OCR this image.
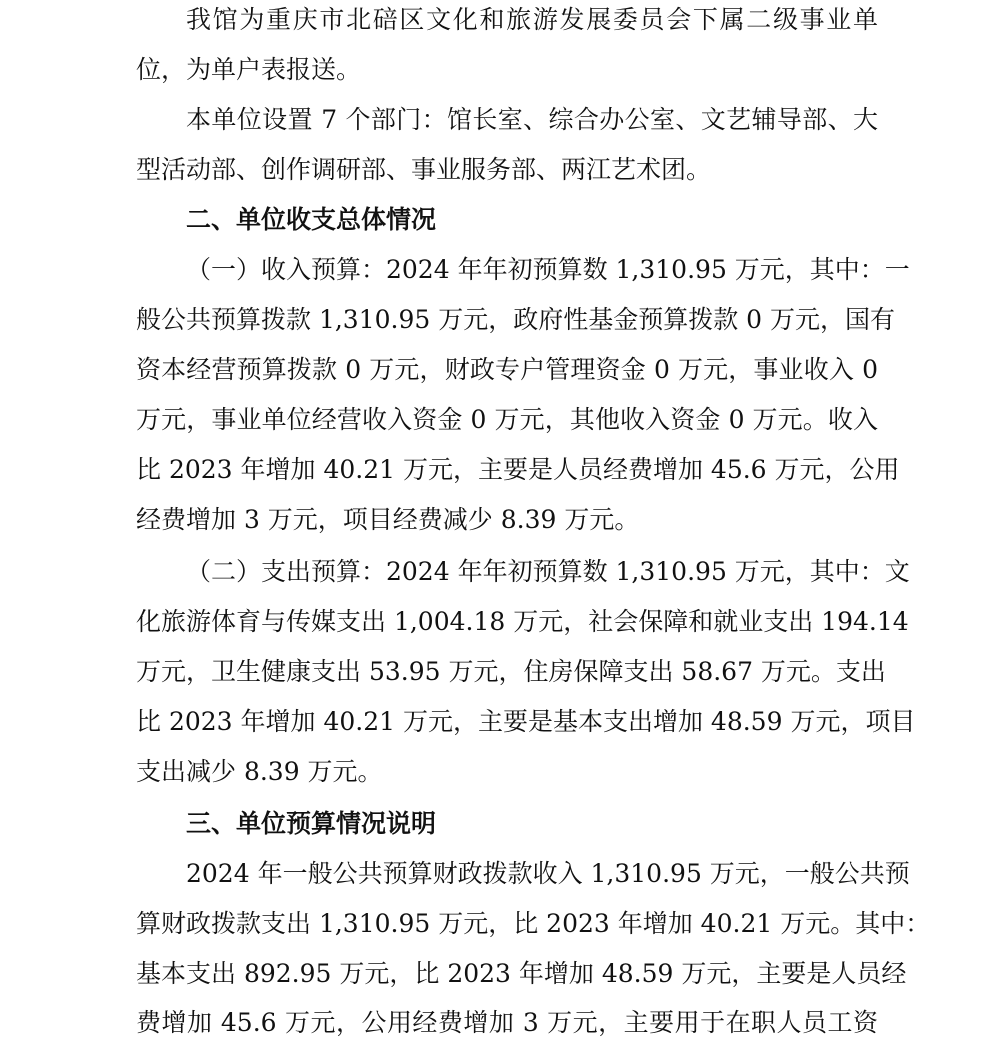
我馆为重庆市北碚区文化和旅游发展委员会下属二级事业单
位，为单户表报送。
本单位设置 7 个部门：馆长室、综合办公室、文艺辅导部、大
型活动部、创作调研部、事业服务部、两江艺术团。
二、单位收支总体情况
（一）收入预算：2024 年年初预算数 1,310.95 万元，其中：一
般公共预算拨款 1,310.95 万元，政府性基金预算拨款 0 万元，国有
资本经营预算拨款 0 万元，财政专户管理资金 0 万元，事业收入 0
万元，事业单位经营收入资金 0 万元，其他收入资金 0 万元。收入
比 2023 年增加 40.21 万元，主要是人员经费增加 45.6 万元，公用
经费增加 3 万元，项目经费减少 8.39 万元。
（二）支出预算：2024 年年初预算数 1,310.95 万元，其中：文
化旅游体育与传媒支出 1,004.18 万元，社会保障和就业支出 194.14
万元，卫生健康支出 53.95 万元，住房保障支出 58.67 万元。支出
比 2023 年增加 40.21 万元，主要是基本支出增加 48.59 万元，项目
支出减少 8.39 万元。
三、单位预算情况说明
2024 年一般公共预算财政拨款收入 1,310.95 万元，一般公共预
算财政拨款支出 1,310.95 万元，比 2023 年增加 40.21 万元。其中：
基本支出 892.95 万元，比 2023 年增加 48.59 万元，主要是人员经
费增加 45.6 万元，公用经费增加 3 万元，主要用于在职人员工资
